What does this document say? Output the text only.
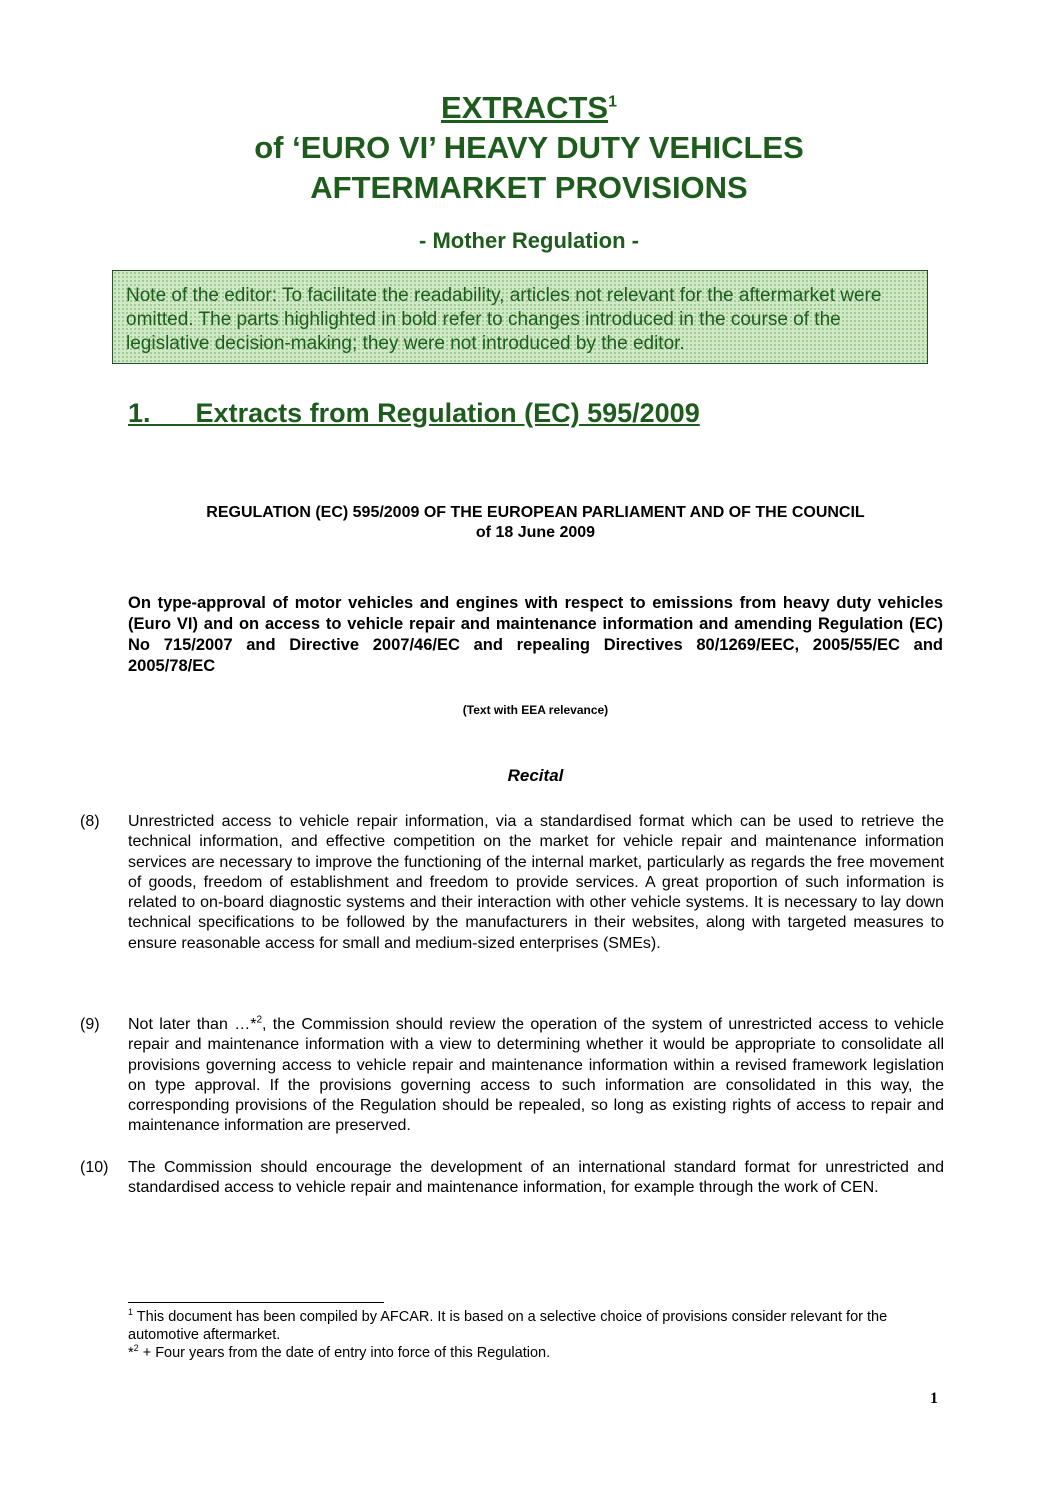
EXTRACTS$^1$
of ‘EURO VI’ HEAVY DUTY VEHICLES
AFTERMARKET PROVISIONS
- Mother Regulation -
Note of the editor: To facilitate the readability, articles not relevant for the aftermarket were omitted. The parts highlighted in bold refer to changes introduced in the course of the legislative decision-making; they were not introduced by the editor.
1. Extracts from Regulation (EC) 595/2009
REGULATION (EC) 595/2009 OF THE EUROPEAN PARLIAMENT AND OF THE COUNCIL
of 18 June 2009
On type-approval of motor vehicles and engines with respect to emissions from heavy duty vehicles (Euro VI) and on access to vehicle repair and maintenance information and amending Regulation (EC) No 715/2007 and Directive 2007/46/EC and repealing Directives 80/1269/EEC, 2005/55/EC and 2005/78/EC
(Text with EEA relevance)
Recital
(8) Unrestricted access to vehicle repair information, via a standardised format which can be used to retrieve the technical information, and effective competition on the market for vehicle repair and maintenance information services are necessary to improve the functioning of the internal market, particularly as regards the free movement of goods, freedom of establishment and freedom to provide services. A great proportion of such information is related to on-board diagnostic systems and their interaction with other vehicle systems. It is necessary to lay down technical specifications to be followed by the manufacturers in their websites, along with targeted measures to ensure reasonable access for small and medium-sized enterprises (SMEs).
(9) Not later than …*$^2$, the Commission should review the operation of the system of unrestricted access to vehicle repair and maintenance information with a view to determining whether it would be appropriate to consolidate all provisions governing access to vehicle repair and maintenance information within a revised framework legislation on type approval. If the provisions governing access to such information are consolidated in this way, the corresponding provisions of the Regulation should be repealed, so long as existing rights of access to repair and maintenance information are preserved.
(10) The Commission should encourage the development of an international standard format for unrestricted and standardised access to vehicle repair and maintenance information, for example through the work of CEN.
$^1$ This document has been compiled by AFCAR. It is based on a selective choice of provisions consider relevant for the automotive aftermarket.
*$^2$ + Four years from the date of entry into force of this Regulation.
1
